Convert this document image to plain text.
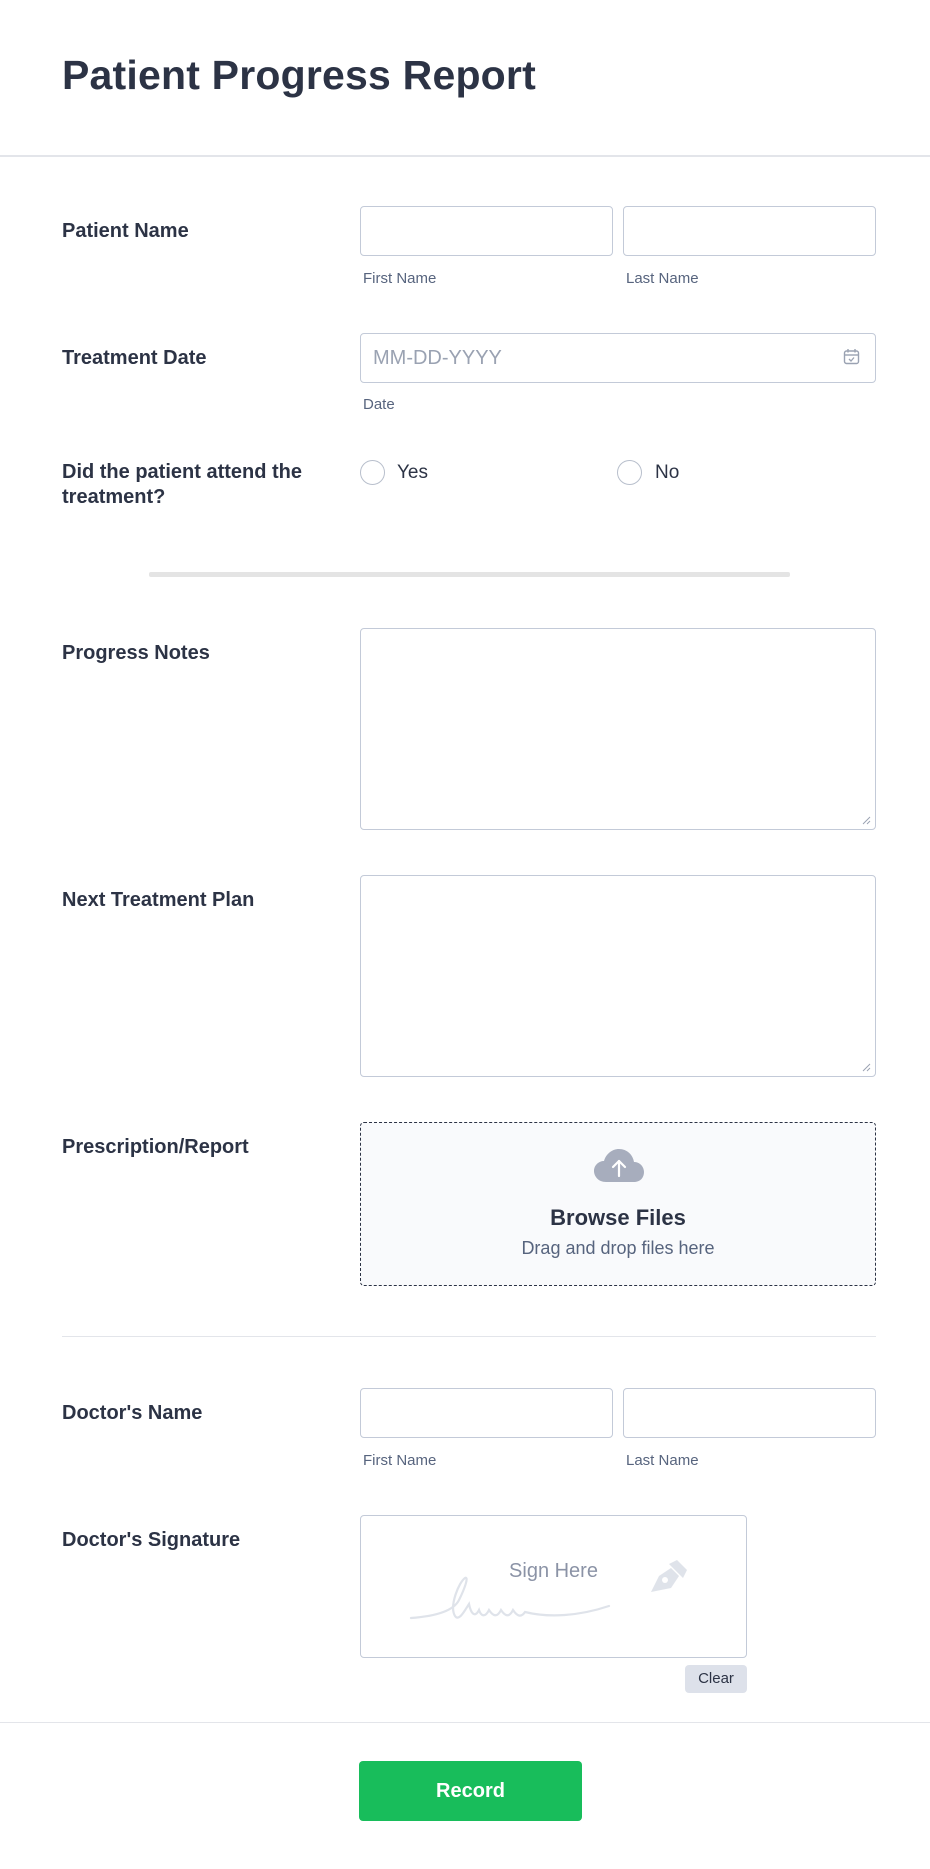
Patient Progress Report
Patient Name
First Name	Last Name
Treatment Date	MM-DD-YYYY
Date
Did the patient attend the
treatment?
Yes	No
Progress Notes
Next Treatment Plan
Prescription/Report
Browse Files
Drag and drop files here
Doctor's Name
First Name	Last Name
Doctor's Signature
Sign Here
Clear
Record
